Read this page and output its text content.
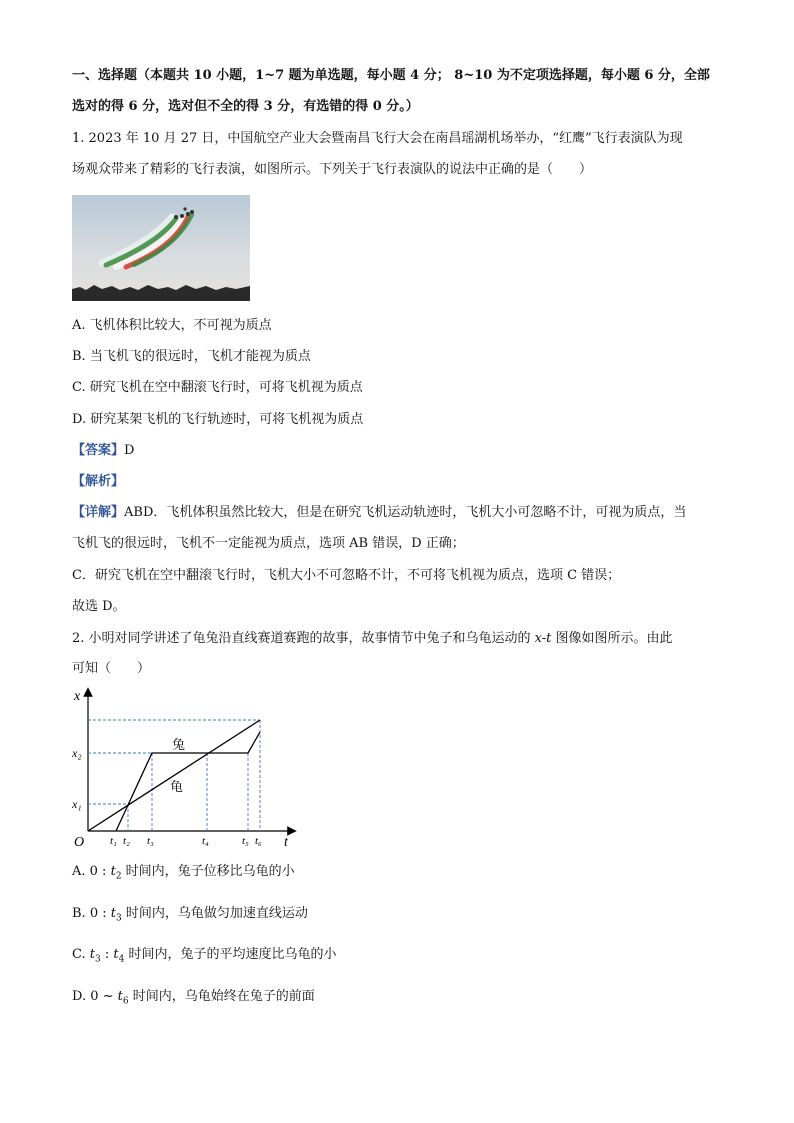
一、选择题（本题共 10 小题，1~7 题为单选题，每小题 4 分； 8~10 为不定项选择题，每小题 6 分，全部
选对的得 6 分，选对但不全的得 3 分，有选错的得 0 分。）
1. 2023 年 10 月 27 日，中国航空产业大会暨南昌飞行大会在南昌瑶湖机场举办，“红鹰”飞行表演队为现
场观众带来了精彩的飞行表演，如图所示。下列关于飞行表演队的说法中正确的是（　　）
A. 飞机体积比较大，不可视为质点
B. 当飞机飞的很远时，飞机才能视为质点
C. 研究飞机在空中翻滚飞行时，可将飞机视为质点
D. 研究某架飞机的飞行轨迹时，可将飞机视为质点
【答案】D
【解析】
【详解】ABD．飞机体积虽然比较大，但是在研究飞机运动轨迹时，飞机大小可忽略不计，可视为质点，当
飞机飞的很远时，飞机不一定能视为质点，选项 AB 错误，D 正确；
C．研究飞机在空中翻滚飞行时，飞机大小不可忽略不计，不可将飞机视为质点，选项 C 错误；
故选 D。
2. 小明对同学讲述了龟兔沿直线赛道赛跑的故事，故事情节中兔子和乌龟运动的 x-t 图像如图所示。由此
可知（　　）
x
t
O
x₂
x₁
t₁ t₂ t₃	t₄	t₅ t₆
兔
龟
A. 0 : $t_2$ 时间内，兔子位移比乌龟的小
B. 0 : $t_3$ 时间内，乌龟做匀加速直线运动
C. $t_3$ : $t_4$ 时间内，兔子的平均速度比乌龟的小
D. 0 ~ $t_6$ 时间内，乌龟始终在兔子的前面
